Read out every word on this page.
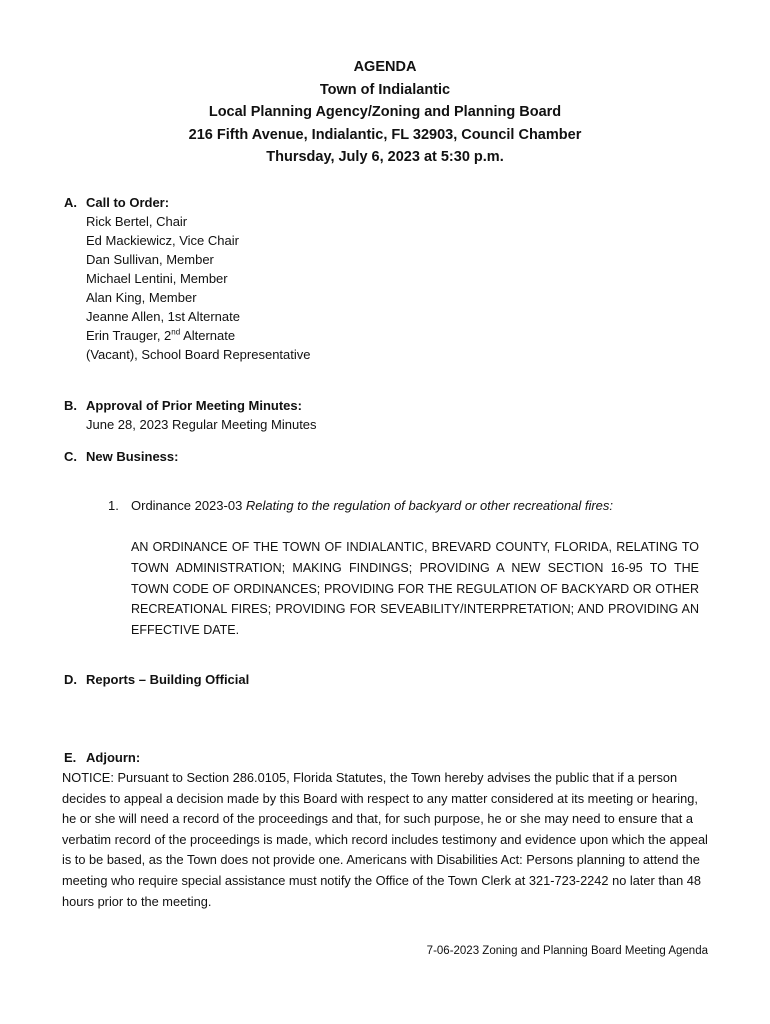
AGENDA
Town of Indialantic
Local Planning Agency/Zoning and Planning Board
216 Fifth Avenue, Indialantic, FL 32903, Council Chamber
Thursday, July 6, 2023 at 5:30 p.m.
A. Call to Order:
Rick Bertel, Chair
Ed Mackiewicz, Vice Chair
Dan Sullivan, Member
Michael Lentini, Member
Alan King, Member
Jeanne Allen, 1st Alternate
Erin Trauger, 2nd Alternate
(Vacant), School Board Representative
B. Approval of Prior Meeting Minutes:
June 28, 2023 Regular Meeting Minutes
C. New Business:
1. Ordinance 2023-03 Relating to the regulation of backyard or other recreational fires:
AN ORDINANCE OF THE TOWN OF INDIALANTIC, BREVARD COUNTY, FLORIDA, RELATING TO TOWN ADMINISTRATION; MAKING FINDINGS; PROVIDING A NEW SECTION 16-95 TO THE TOWN CODE OF ORDINANCES; PROVIDING FOR THE REGULATION OF BACKYARD OR OTHER RECREATIONAL FIRES; PROVIDING FOR SEVEABILITY/INTERPRETATION; AND PROVIDING AN EFFECTIVE DATE.
D. Reports – Building Official
E. Adjourn:
NOTICE: Pursuant to Section 286.0105, Florida Statutes, the Town hereby advises the public that if a person decides to appeal a decision made by this Board with respect to any matter considered at its meeting or hearing, he or she will need a record of the proceedings and that, for such purpose, he or she may need to ensure that a verbatim record of the proceedings is made, which record includes testimony and evidence upon which the appeal is to be based, as the Town does not provide one. Americans with Disabilities Act: Persons planning to attend the meeting who require special assistance must notify the Office of the Town Clerk at 321-723-2242 no later than 48 hours prior to the meeting.
7-06-2023 Zoning and Planning Board Meeting Agenda
